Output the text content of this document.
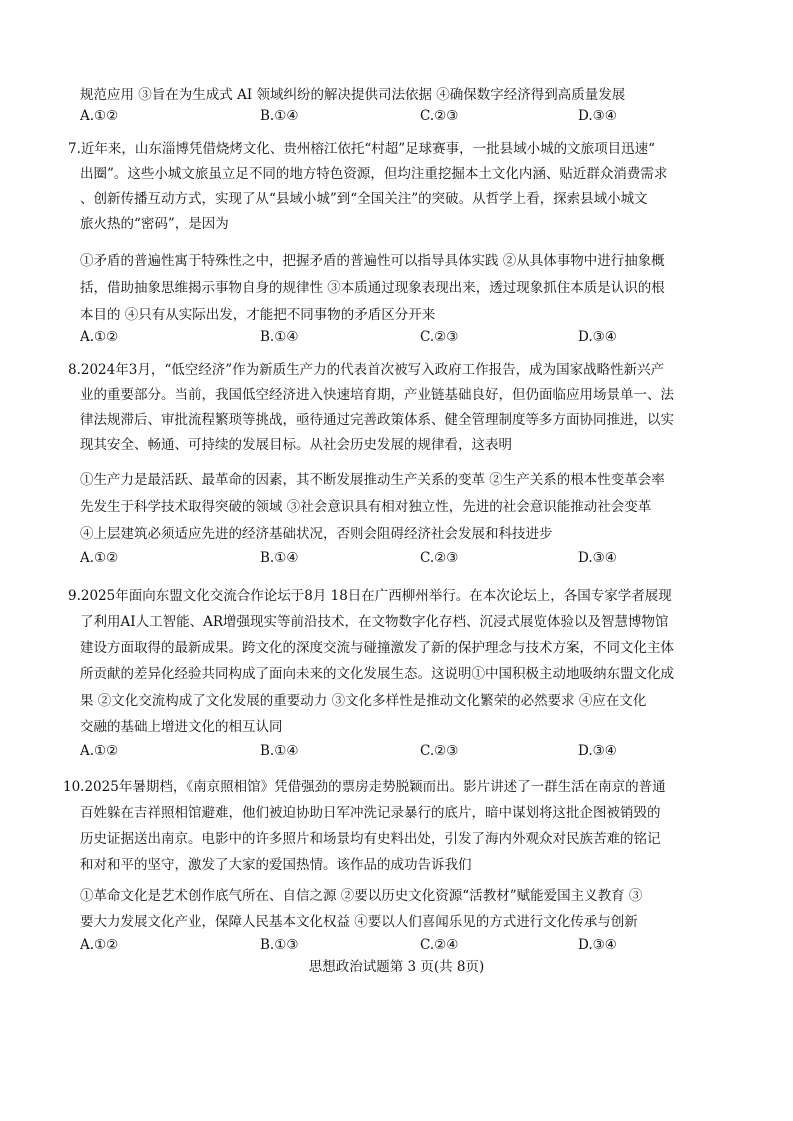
规范应用 ③旨在为生成式 AI 领域纠纷的解决提供司法依据 ④确保数字经济得到高质量发展
A.①②	B.①④	C.②③	D.③④
7.近年来，山东淄博凭借烧烤文化、贵州榕江依托“村超”足球赛事，一批县域小城的文旅项目迅速“
出圈”。这些小城文旅虽立足不同的地方特色资源，但均注重挖掘本土文化内涵、贴近群众消费需求
、创新传播互动方式，实现了从“县域小城”到“全国关注”的突破。从哲学上看，探索县域小城文
旅火热的“密码”，是因为
①矛盾的普遍性寓于特殊性之中，把握矛盾的普遍性可以指导具体实践 ②从具体事物中进行抽象概
括，借助抽象思维揭示事物自身的规律性 ③本质通过现象表现出来，透过现象抓住本质是认识的根
本目的 ④只有从实际出发，才能把不同事物的矛盾区分开来
A.①②	B.①④	C.②③	D.③④
8.2024年3月，“低空经济”作为新质生产力的代表首次被写入政府工作报告，成为国家战略性新兴产
业的重要部分。当前，我国低空经济进入快速培育期，产业链基础良好，但仍面临应用场景单一、法
律法规滞后、审批流程繁琐等挑战，亟待通过完善政策体系、健全管理制度等多方面协同推进，以实
现其安全、畅通、可持续的发展目标。从社会历史发展的规律看，这表明
①生产力是最活跃、最革命的因素，其不断发展推动生产关系的变革 ②生产关系的根本性变革会率
先发生于科学技术取得突破的领域 ③社会意识具有相对独立性，先进的社会意识能推动社会变革
④上层建筑必须适应先进的经济基础状况，否则会阻碍经济社会发展和科技进步
A.①②	B.①④	C.②③	D.③④
9.2025年面向东盟文化交流合作论坛于8月 18日在广西柳州举行。在本次论坛上，各国专家学者展现
了利用AI人工智能、AR增强现实等前沿技术，在文物数字化存档、沉浸式展览体验以及智慧博物馆
建设方面取得的最新成果。跨文化的深度交流与碰撞激发了新的保护理念与技术方案，不同文化主体
所贡献的差异化经验共同构成了面向未来的文化发展生态。这说明①中国积极主动地吸纳东盟文化成
果 ②文化交流构成了文化发展的重要动力 ③文化多样性是推动文化繁荣的必然要求 ④应在文化
交融的基础上增进文化的相互认同
A.①②	B.①④	C.②③	D.③④
10.2025年暑期档，《南京照相馆》凭借强劲的票房走势脱颖而出。影片讲述了一群生活在南京的普通
百姓躲在吉祥照相馆避难，他们被迫协助日军冲洗记录暴行的底片，暗中谋划将这批企图被销毁的
历史证据送出南京。电影中的许多照片和场景均有史料出处，引发了海内外观众对民族苦难的铭记
和对和平的坚守，激发了大家的爱国热情。该作品的成功告诉我们
①革命文化是艺术创作底气所在、自信之源 ②要以历史文化资源“活教材”赋能爱国主义教育 ③
要大力发展文化产业，保障人民基本文化权益 ④要以人们喜闻乐见的方式进行文化传承与创新
A.①②	B.①③	C.②④	D.③④
思想政治试题第 3 页(共 8页)
